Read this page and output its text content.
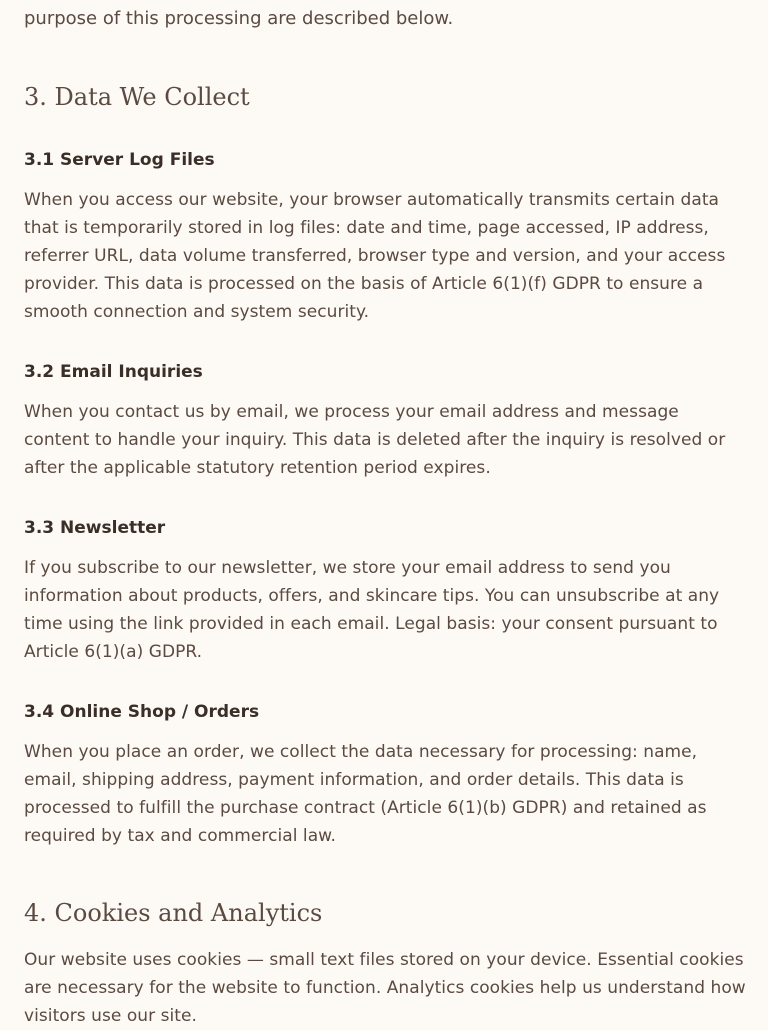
purpose of this processing are described below.

3. Data We Collect
3.1 Server Log Files

When you access our website, your browser automatically transmits certain data that is temporarily stored in log files: date and time, page accessed, IP address, referrer URL, data volume transferred, browser type and version, and your access provider. This data is processed on the basis of Article 6(1)(f) GDPR to ensure a smooth connection and system security.

3.2 Email Inquiries

When you contact us by email, we process your email address and message content to handle your inquiry. This data is deleted after the inquiry is resolved or after the applicable statutory retention period expires.

3.3 Newsletter

If you subscribe to our newsletter, we store your email address to send you information about products, offers, and skincare tips. You can unsubscribe at any time using the link provided in each email. Legal basis: your consent pursuant to Article 6(1)(a) GDPR.

3.4 Online Shop / Orders

When you place an order, we collect the data necessary for processing: name, email, shipping address, payment information, and order details. This data is processed to fulfill the purchase contract (Article 6(1)(b) GDPR) and retained as required by tax and commercial law.

4. Cookies and Analytics

Our website uses cookies — small text files stored on your device. Essential cookies are necessary for the website to function. Analytics cookies help us understand how visitors use our site.
